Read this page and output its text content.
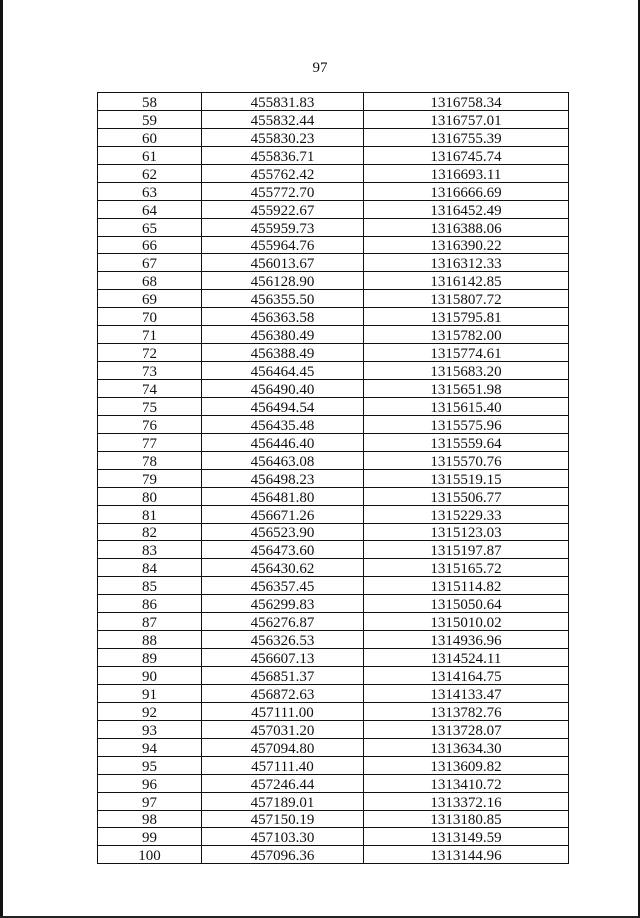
97
58	455831.83	1316758.34
59	455832.44	1316757.01
60	455830.23	1316755.39
61	455836.71	1316745.74
62	455762.42	1316693.11
63	455772.70	1316666.69
64	455922.67	1316452.49
65	455959.73	1316388.06
66	455964.76	1316390.22
67	456013.67	1316312.33
68	456128.90	1316142.85
69	456355.50	1315807.72
70	456363.58	1315795.81
71	456380.49	1315782.00
72	456388.49	1315774.61
73	456464.45	1315683.20
74	456490.40	1315651.98
75	456494.54	1315615.40
76	456435.48	1315575.96
77	456446.40	1315559.64
78	456463.08	1315570.76
79	456498.23	1315519.15
80	456481.80	1315506.77
81	456671.26	1315229.33
82	456523.90	1315123.03
83	456473.60	1315197.87
84	456430.62	1315165.72
85	456357.45	1315114.82
86	456299.83	1315050.64
87	456276.87	1315010.02
88	456326.53	1314936.96
89	456607.13	1314524.11
90	456851.37	1314164.75
91	456872.63	1314133.47
92	457111.00	1313782.76
93	457031.20	1313728.07
94	457094.80	1313634.30
95	457111.40	1313609.82
96	457246.44	1313410.72
97	457189.01	1313372.16
98	457150.19	1313180.85
99	457103.30	1313149.59
100	457096.36	1313144.96
